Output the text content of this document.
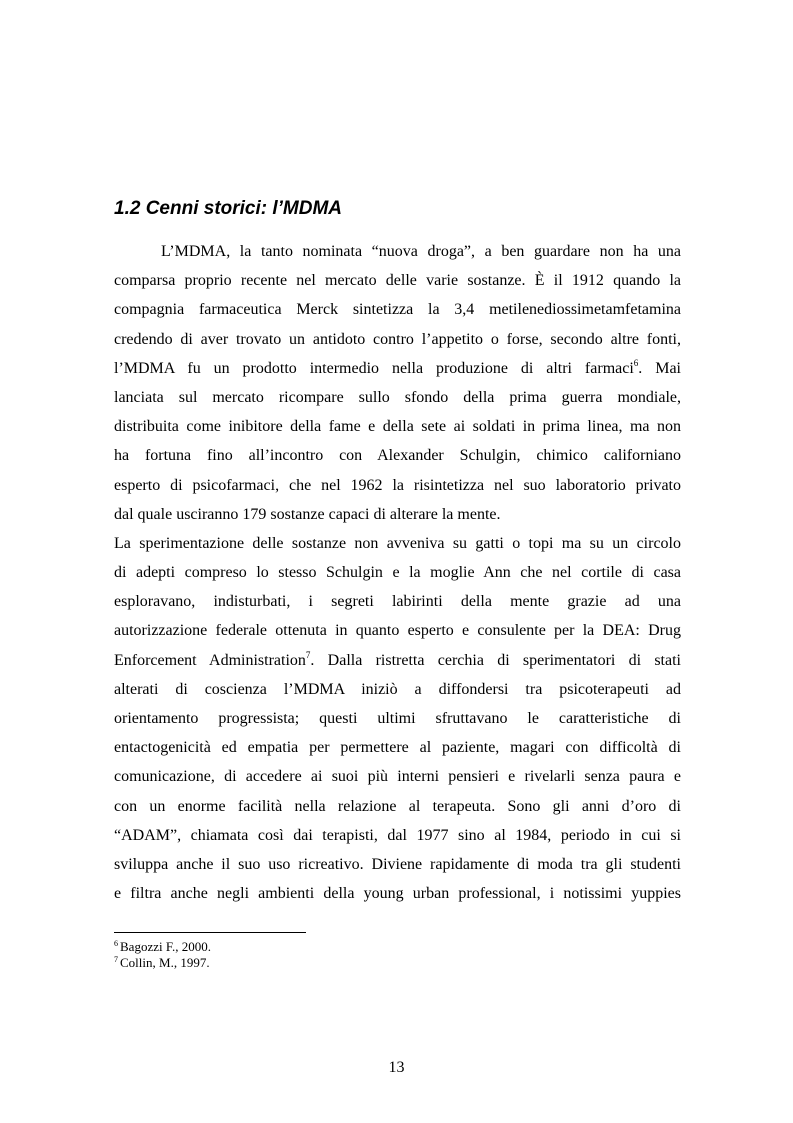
1.2 Cenni storici: l’MDMA
L’MDMA, la tanto nominata “nuova droga”, a ben guardare non ha una
comparsa proprio recente nel mercato delle varie sostanze. È il 1912 quando la
compagnia farmaceutica Merck sintetizza la 3,4 metilenediossimetamfetamina
credendo di aver trovato un antidoto contro l’appetito o forse, secondo altre fonti,
l’MDMA fu un prodotto intermedio nella produzione di altri farmaci$^6$. Mai
lanciata sul mercato ricompare sullo sfondo della prima guerra mondiale,
distribuita come inibitore della fame e della sete ai soldati in prima linea, ma non
ha fortuna fino all’incontro con Alexander Schulgin, chimico californiano
esperto di psicofarmaci, che nel 1962 la risintetizza nel suo laboratorio privato
dal quale usciranno 179 sostanze capaci di alterare la mente.
La sperimentazione delle sostanze non avveniva su gatti o topi ma su un circolo
di adepti compreso lo stesso Schulgin e la moglie Ann che nel cortile di casa
esploravano, indisturbati, i segreti labirinti della mente grazie ad una
autorizzazione federale ottenuta in quanto esperto e consulente per la DEA: Drug
Enforcement Administration$^7$. Dalla ristretta cerchia di sperimentatori di stati
alterati di coscienza l’MDMA iniziò a diffondersi tra psicoterapeuti ad
orientamento progressista; questi ultimi sfruttavano le caratteristiche di
entactogenicità ed empatia per permettere al paziente, magari con difficoltà di
comunicazione, di accedere ai suoi più interni pensieri e rivelarli senza paura e
con un enorme facilità nella relazione al terapeuta. Sono gli anni d’oro di
“ADAM”, chiamata così dai terapisti, dal 1977 sino al 1984, periodo in cui si
sviluppa anche il suo uso ricreativo. Diviene rapidamente di moda tra gli studenti
e filtra anche negli ambienti della young urban professional, i notissimi yuppies
$^6$ Bagozzi F., 2000.
$^7$ Collin, M., 1997.
13
